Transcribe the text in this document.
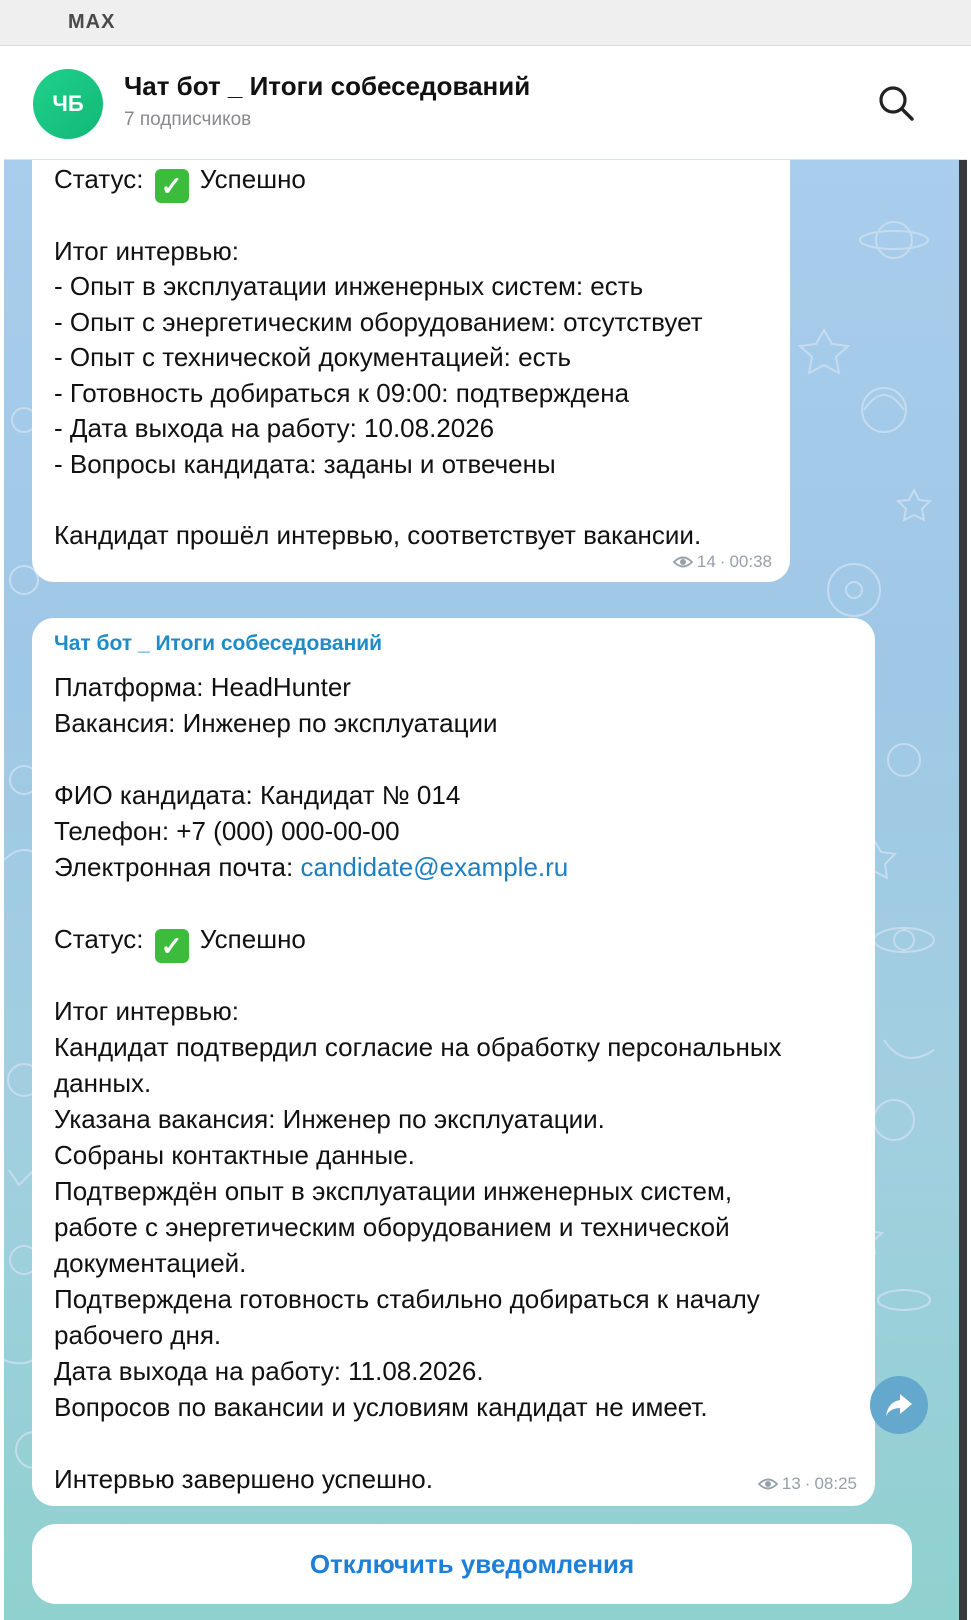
MAX
ЧБ
Чат бот _ Итоги собеседований
7 подписчиков
Статус: ✓ Успешно
Итог интервью:
- Опыт в эксплуатации инженерных систем: есть
- Опыт с энергетическим оборудованием: отсутствует
- Опыт с технической документацией: есть
- Готовность добираться к 09:00: подтверждена
- Дата выхода на работу: 10.08.2026
- Вопросы кандидата: заданы и отвечены
Кандидат прошёл интервью, соответствует вакансии.
14 · 00:38
Чат бот _ Итоги собеседований
Платформа: HeadHunter
Вакансия: Инженер по эксплуатации
ФИО кандидата: Кандидат № 014
Телефон: +7 (000) 000-00-00
Электронная почта: candidate@example.ru
Статус: ✓ Успешно
Итог интервью:
Кандидат подтвердил согласие на обработку персональных
данных.
Указана вакансия: Инженер по эксплуатации.
Собраны контактные данные.
Подтверждён опыт в эксплуатации инженерных систем,
работе с энергетическим оборудованием и технической
документацией.
Подтверждена готовность стабильно добираться к началу
рабочего дня.
Дата выхода на работу: 11.08.2026.
Вопросов по вакансии и условиям кандидат не имеет.
Интервью завершено успешно.	13 · 08:25
Отключить уведомления
